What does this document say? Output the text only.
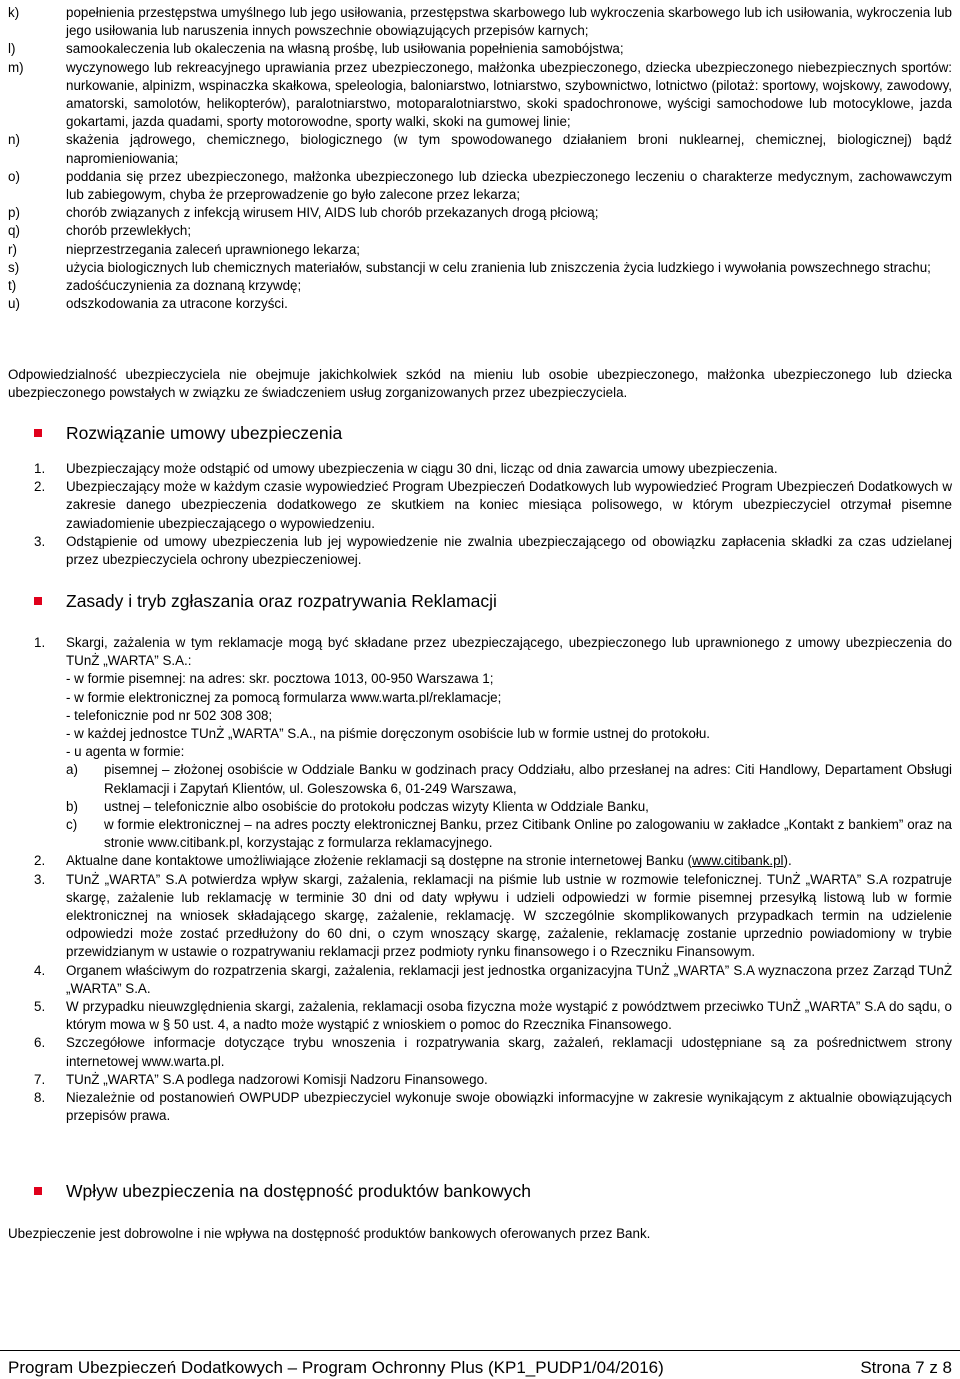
k)	popełnienia przestępstwa umyślnego lub jego usiłowania, przestępstwa skarbowego lub wykroczenia skarbowego lub ich usiłowania, wykroczenia lub jego usiłowania lub naruszenia innych powszechnie obowiązujących przepisów karnych;
l)	samookaleczenia lub okaleczenia na własną prośbę, lub usiłowania popełnienia samobójstwa;
m)	wyczynowego lub rekreacyjnego uprawiania przez ubezpieczonego, małżonka ubezpieczonego, dziecka ubezpieczonego niebezpiecznych sportów: nurkowanie, alpinizm, wspinaczka skałkowa, speleologia, baloniarstwo, lotniarstwo, szybownictwo, lotnictwo (pilotaż: sportowy, wojskowy, zawodowy, amatorski, samolotów, helikopterów), paralotniarstwo, motoparalotniarstwo, skoki spadochronowe, wyścigi samochodowe lub motocyklowe, jazda gokartami, jazda quadami, sporty motorowodne, sporty walki, skoki na gumowej linie;
n)	skażenia jądrowego, chemicznego, biologicznego (w tym spowodowanego działaniem broni nuklearnej, chemicznej, biologicznej) bądź napromieniowania;
o)	poddania się przez ubezpieczonego, małżonka ubezpieczonego lub dziecka ubezpieczonego leczeniu o charakterze medycznym, zachowawczym lub zabiegowym, chyba że przeprowadzenie go było zalecone przez lekarza;
p)	chorób związanych z infekcją wirusem HIV, AIDS lub chorób przekazanych drogą płciową;
q)	chorób przewlekłych;
r)	nieprzestrzegania zaleceń uprawnionego lekarza;
s)	użycia biologicznych lub chemicznych materiałów, substancji w celu zranienia lub zniszczenia życia ludzkiego i wywołania powszechnego strachu;
t)	zadośćuczynienia za doznaną krzywdę;
u)	odszkodowania za utracone korzyści.
Odpowiedzialność ubezpieczyciela nie obejmuje jakichkolwiek szkód na mieniu lub osobie ubezpieczonego, małżonka ubezpieczonego lub dziecka ubezpieczonego powstałych w związku ze świadczeniem usług zorganizowanych przez ubezpieczyciela.
Rozwiązanie umowy ubezpieczenia
1.	Ubezpieczający może odstąpić od umowy ubezpieczenia w ciągu 30 dni, licząc od dnia zawarcia umowy ubezpieczenia.
2.	Ubezpieczający może w każdym czasie wypowiedzieć Program Ubezpieczeń Dodatkowych lub wypowiedzieć Program Ubezpieczeń Dodatkowych w zakresie danego ubezpieczenia dodatkowego ze skutkiem na koniec miesiąca polisowego, w którym ubezpieczyciel otrzymał pisemne zawiadomienie ubezpieczającego o wypowiedzeniu.
3.	Odstąpienie od umowy ubezpieczenia lub jej wypowiedzenie nie zwalnia ubezpieczającego od obowiązku zapłacenia składki za czas udzielanej przez ubezpieczyciela ochrony ubezpieczeniowej.
Zasady i tryb zgłaszania oraz rozpatrywania Reklamacji
1.	Skargi, zażalenia w tym reklamacje mogą być składane przez ubezpieczającego, ubezpieczonego lub uprawnionego z umowy ubezpieczenia do TUnŻ „WARTA” S.A.:
- w formie pisemnej: na adres: skr. pocztowa 1013, 00-950 Warszawa 1;
- w formie elektronicznej za pomocą formularza www.warta.pl/reklamacje;
- telefonicznie pod nr 502 308 308;
- w każdej jednostce TUnŻ „WARTA” S.A., na piśmie doręczonym osobiście lub w formie ustnej do protokołu.
- u agenta w formie:
a)	pisemnej – złożonej osobiście w Oddziale Banku w godzinach pracy Oddziału, albo przesłanej na adres: Citi Handlowy, Departament Obsługi Reklamacji i Zapytań Klientów, ul. Goleszowska 6, 01-249 Warszawa,
b)	ustnej – telefonicznie albo osobiście do protokołu podczas wizyty Klienta w Oddziale Banku,
c)	w formie elektronicznej – na adres poczty elektronicznej Banku, przez Citibank Online po zalogowaniu w zakładce „Kontakt z bankiem” oraz na stronie www.citibank.pl, korzystając z formularza reklamacyjnego.
2.	Aktualne dane kontaktowe umożliwiające złożenie reklamacji są dostępne na stronie internetowej Banku (www.citibank.pl).
3.	TUnŻ „WARTA” S.A potwierdza wpływ skargi, zażalenia, reklamacji na piśmie lub ustnie w rozmowie telefonicznej. TUnŻ „WARTA” S.A rozpatruje skargę, zażalenie lub reklamację w terminie 30 dni od daty wpływu i udzieli odpowiedzi w formie pisemnej przesyłką listową lub w formie elektronicznej na wniosek składającego skargę, zażalenie, reklamację. W szczególnie skomplikowanych przypadkach termin na udzielenie odpowiedzi może zostać przedłużony do 60 dni, o czym wnoszący skargę, zażalenie, reklamację zostanie uprzednio powiadomiony w trybie przewidzianym w ustawie o rozpatrywaniu reklamacji przez podmioty rynku finansowego i o Rzeczniku Finansowym.
4.	Organem właściwym do rozpatrzenia skargi, zażalenia, reklamacji jest jednostka organizacyjna TUnŻ „WARTA” S.A wyznaczona przez Zarząd TUnŻ „WARTA” S.A.
5.	W przypadku nieuwzględnienia skargi, zażalenia, reklamacji osoba fizyczna może wystąpić z powództwem przeciwko TUnŻ „WARTA” S.A do sądu, o którym mowa w § 50 ust. 4, a nadto może wystąpić z wnioskiem o pomoc do Rzecznika Finansowego.
6.	Szczegółowe informacje dotyczące trybu wnoszenia i rozpatrywania skarg, zażaleń, reklamacji udostępniane są za pośrednictwem strony internetowej www.warta.pl.
7.	TUnŻ „WARTA” S.A podlega nadzorowi Komisji Nadzoru Finansowego.
8.	Niezależnie od postanowień OWPUDP ubezpieczyciel wykonuje swoje obowiązki informacyjne w zakresie wynikającym z aktualnie obowiązujących przepisów prawa.
Wpływ ubezpieczenia na dostępność produktów bankowych
Ubezpieczenie jest dobrowolne i nie wpływa na dostępność produktów bankowych oferowanych przez Bank.
Program Ubezpieczeń Dodatkowych – Program Ochronny Plus (KP1_PUDP1/04/2016)	Strona 7 z 8
